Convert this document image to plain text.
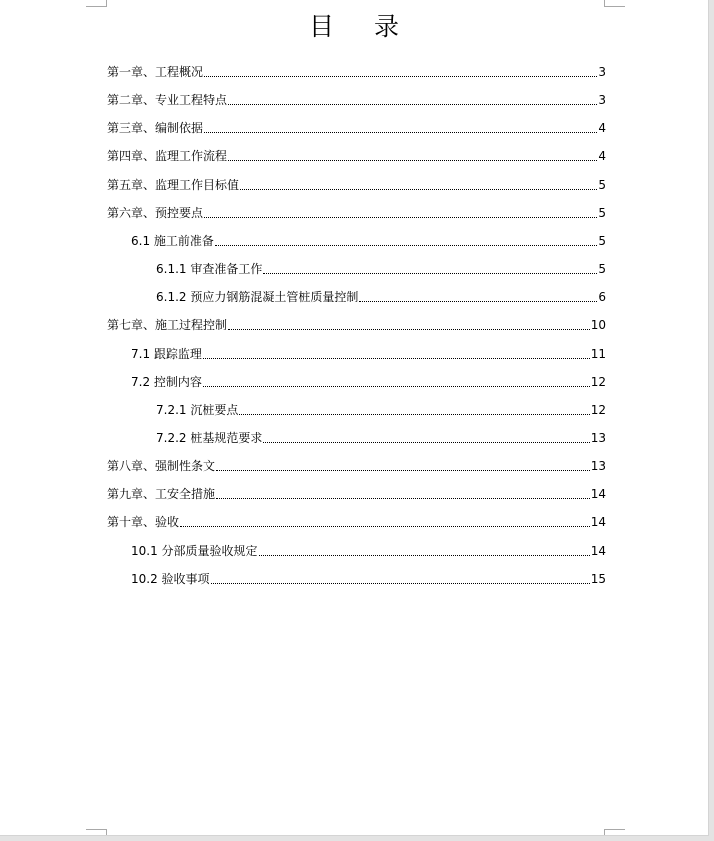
目 录
第一章、工程概况	3
第二章、专业工程特点	3
第三章、编制依据	4
第四章、监理工作流程	4
第五章、监理工作目标值	5
第六章、预控要点	5
6.1 施工前准备	5
6.1.1 审查准备工作	5
6.1.2 预应力钢筋混凝土管桩质量控制	6
第七章、施工过程控制	10
7.1 跟踪监理	11
7.2 控制内容	12
7.2.1 沉桩要点	12
7.2.2 桩基规范要求	13
第八章、强制性条文	13
第九章、工安全措施	14
第十章、验收	14
10.1 分部质量验收规定	14
10.2 验收事项	15
